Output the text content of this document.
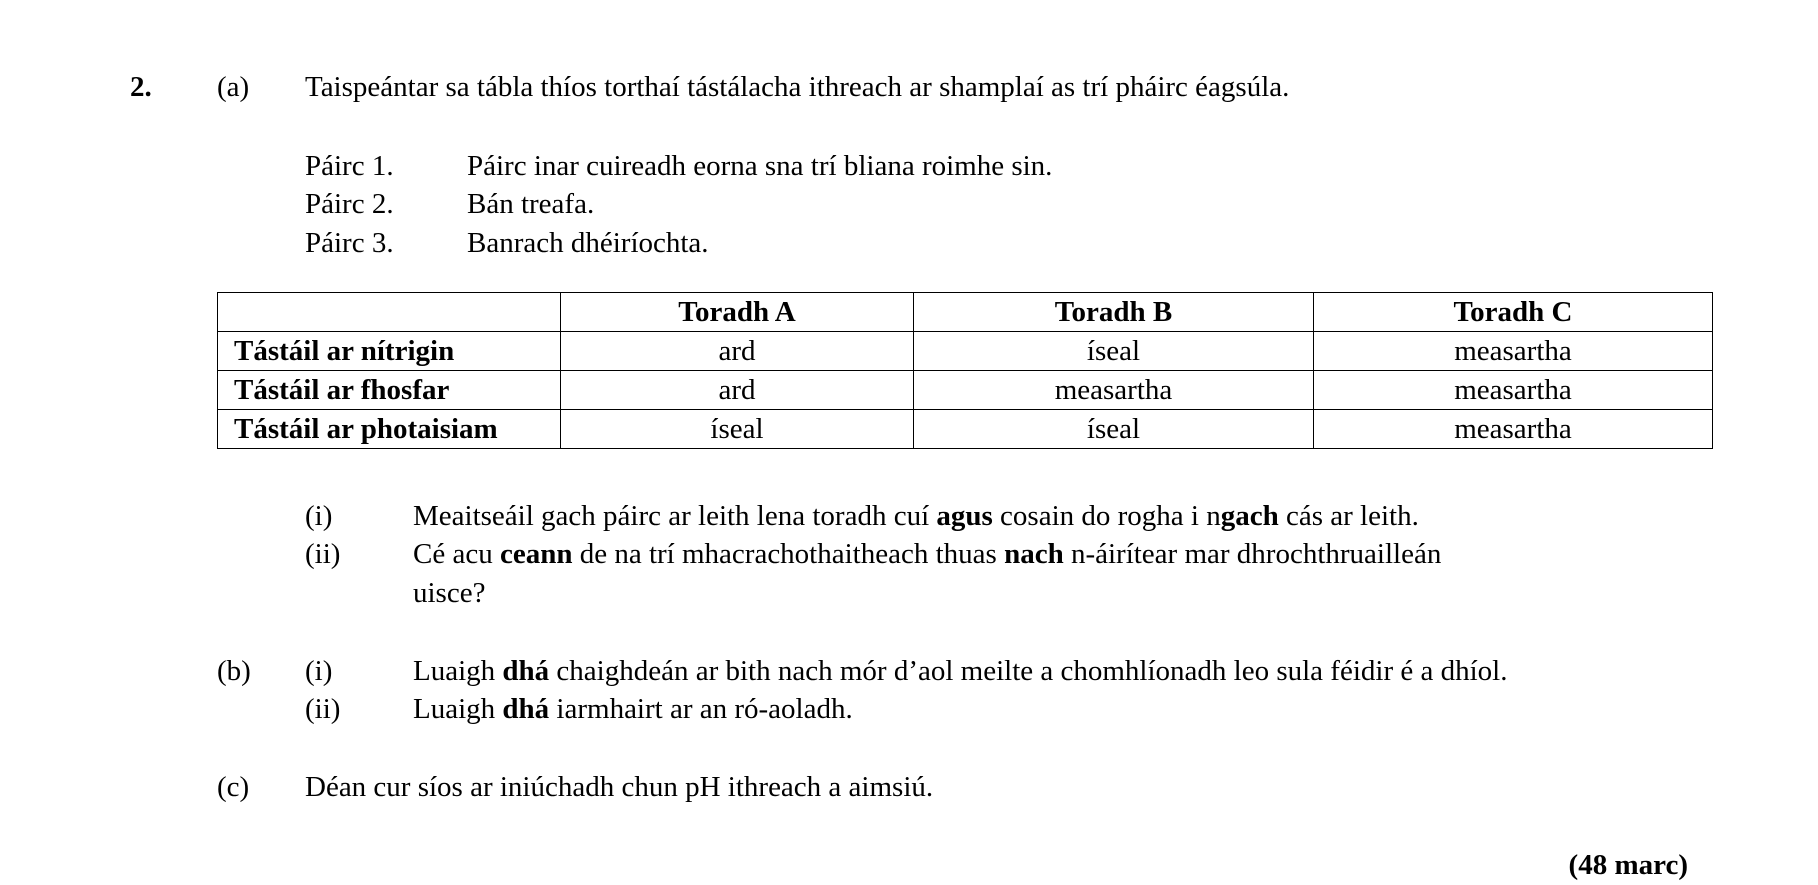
2. (a) Taispeántar sa tábla thíos torthaí tástálacha ithreach ar shamplaí as trí pháirc éagsúla.
Páirc 1.	Páirc inar cuireadh eorna sna trí bliana roimhe sin.
Páirc 2.	Bán treafa.
Páirc 3.	Banrach dhéiríochta.
	Toradh A	Toradh B	Toradh C
Tástáil ar nítrigin	ard	íseal	measartha
Tástáil ar fhosfar	ard	measartha	measartha
Tástáil ar photaisiam	íseal	íseal	measartha
(i)	Meaitseáil gach páirc ar leith lena toradh cuí agus cosain do rogha i ngach cás ar leith.
(ii)	Cé acu ceann de na trí mhacrachothaitheach thuas nach n-áirítear mar dhrochthruailleán
uisce?
(b) (i)	Luaigh dhá chaighdeán ar bith nach mór d’aol meilte a chomhlíonadh leo sula féidir é a dhíol.
(ii)	Luaigh dhá iarmhairt ar an ró-aoladh.
(c) Déan cur síos ar iniúchadh chun pH ithreach a aimsiú.
(48 marc)
